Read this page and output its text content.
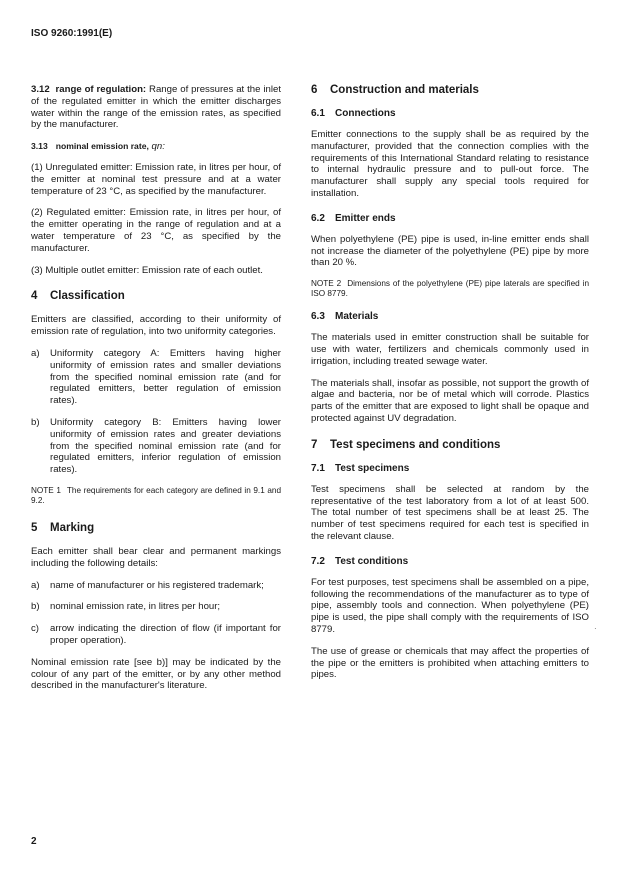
ISO 9260:1991(E)

3.12 range of regulation: Range of pressures at the inlet of the regulated emitter in which the emitter discharges water within the range of the emission rates, as specified by the manufacturer.

3.13 nominal emission rate, qn:

(1) Unregulated emitter: Emission rate, in litres per hour, of the emitter at nominal test pressure and at a water temperature of 23 °C, as specified by the manufacturer.

(2) Regulated emitter: Emission rate, in litres per hour, of the emitter operating in the range of regulation and at a water temperature of 23 °C, as specified by the manufacturer.

(3) Multiple outlet emitter: Emission rate of each outlet.

4 Classification

Emitters are classified, according to their uniformity of emission rate of regulation, into two uniformity categories.

a)	Uniformity category A: Emitters having higher uniformity of emission rates and smaller deviations from the specified nominal emission rate (and for regulated emitters, better regulation of emission rates).
b)	Uniformity category B: Emitters having lower uniformity of emission rates and greater deviations from the specified nominal emission rate (and for regulated emitters, inferior regulation of emission rates).

NOTE 1 The requirements for each category are defined in 9.1 and 9.2.

5 Marking

Each emitter shall bear clear and permanent markings including the following details:

a)	name of manufacturer or his registered trademark;
b)	nominal emission rate, in litres per hour;
c)	arrow indicating the direction of flow (if important for proper operation).

Nominal emission rate [see b)] may be indicated by the colour of any part of the emitter, or by any other method described in the manufacturer's literature.

6 Construction and materials
6.1 Connections

Emitter connections to the supply shall be as required by the manufacturer, provided that the connection complies with the requirements of this International Standard relating to resistance to internal hydraulic pressure and to pull-out force. The manufacturer shall supply any special tools required for installation.

6.2 Emitter ends

When polyethylene (PE) pipe is used, in-line emitter ends shall not increase the diameter of the polyethylene (PE) pipe by more than 20 %.

NOTE 2 Dimensions of the polyethylene (PE) pipe laterals are specified in ISO 8779.

6.3 Materials

The materials used in emitter construction shall be suitable for use with water, fertilizers and chemicals commonly used in irrigation, including treated sewage water.

The materials shall, insofar as possible, not support the growth of algae and bacteria, nor be of metal which will corrode. Plastics parts of the emitter that are exposed to light shall be opaque and protected against UV degradation.

7 Test specimens and conditions
7.1 Test specimens

Test specimens shall be selected at random by the representative of the test laboratory from a lot of at least 500. The total number of test specimens shall be at least 25. The number of test specimens required for each test is specified in the relevant clause.

7.2 Test conditions

For test purposes, test specimens shall be assembled on a pipe, following the recommendations of the manufacturer as to type of pipe, assembly tools and connection. When polyethylene (PE) pipe is used, the pipe shall comply with the requirements of ISO 8779.

The use of grease or chemicals that may affect the properties of the pipe or the emitters is prohibited when attaching emitters to pipes.

·
2
